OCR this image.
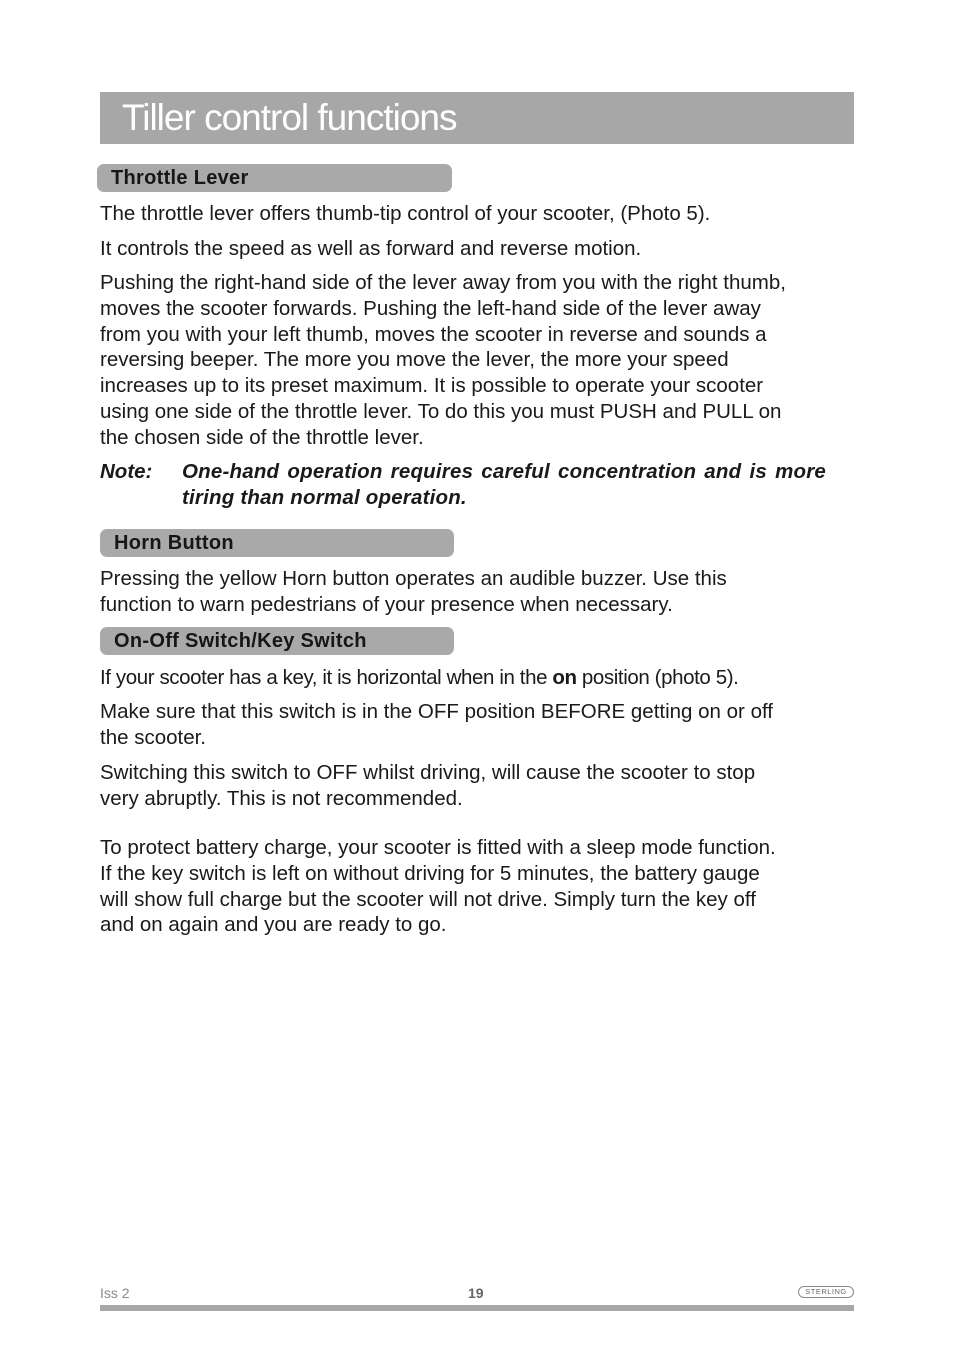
Tiller control functions
Throttle Lever

The throttle lever offers thumb-tip control of your scooter, (Photo 5).

It controls the speed as well as forward and reverse motion.

Pushing the right-hand side of the lever away from you with the right thumb,
moves the scooter forwards. Pushing the left-hand side of the lever away
from you with your left thumb, moves the scooter in reverse and sounds a
reversing beeper. The more you move the lever, the more your speed
increases up to its preset maximum. It is possible to operate your scooter
using one side of the throttle lever. To do this you must PUSH and PULL on
the chosen side of the throttle lever.
Note: One-hand operation requires careful concentration and is more tiring than normal operation.
Horn Button
Pressing the yellow Horn button operates an audible buzzer. Use this
function to warn pedestrians of your presence when necessary.
On-Off Switch/Key Switch

If your scooter has a key, it is horizontal when in the on position (photo 5).

Make sure that this switch is in the OFF position BEFORE getting on or off
the scooter.
Switching this switch to OFF whilst driving, will cause the scooter to stop
very abruptly. This is not recommended.
To protect battery charge, your scooter is fitted with a sleep mode function.
If the key switch is left on without driving for 5 minutes, the battery gauge
will show full charge but the scooter will not drive. Simply turn the key off
and on again and you are ready to go.
Iss 2	19	STERLING
